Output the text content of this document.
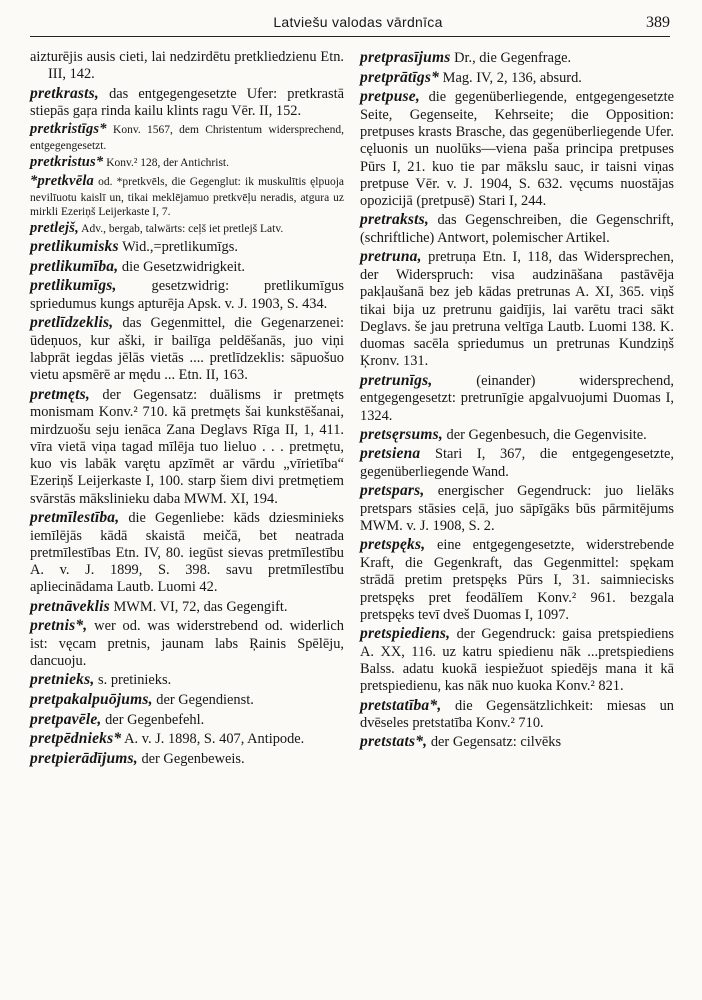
Latviešu valodas vārdnīca	389

aizturējis ausis cieti, lai nedzirdētu pretkliedzienu Etn. III, 142.

pretkrasts, das entgegengesetzte Ufer: pretkrastā stiepās gaŗa rinda kailu klints ragu Vēr. II, 152.

pretkristīgs* Konv. 1567, dem Christentum widersprechend, entgegengesetzt.

pretkristus* Konv.² 128, der Antichrist.

*pretkvēla od. *pretkvēls, die Gegenglut: ik muskulītis ęlpuoja nevilīuotu kaislī un, tikai meklējamuo pretkvēļu neradis, atgura uz mirkli Ezeriņš Leijerkaste I, 7.

pretlejš, Adv., bergab, talwärts: ceļš iet pretlejš Latv.

pretlikumisks Wid.,=pretlikumīgs.

pretlikumība, die Gesetzwidrigkeit.

pretlikumīgs, gesetzwidrig: pretlikumīgus spriedumus kungs apturēja Apsk. v. J. 1903, S. 434.

pretlīdzeklis, das Gegenmittel, die Gegenarzenei: ūdeņuos, kur aški, ir bailīga peldēšanās, juo viņi labprāt iegdas jēlās vietās .... pretlīdzeklis: sāpuošuo vietu apsmērē ar mędu ... Etn. II, 163.

pretmęts, der Gegensatz: duālisms ir pretmęts monismam Konv.² 710. kā pretmęts šai kunkstēšanai, mirdzuošu seju ienāca Zana Deglavs Rīga II, 1, 411. vīra vietā viņa tagad mīlēja tuo lieluo . . . pretmętu, kuo vis labāk varętu apzīmēt ar vārdu „vīrietība“ Ezeriņš Leijerkaste I, 100. starp šiem divi pretmętiem svārstās mākslinieku daba MWM. XI, 194.

pretmīlestība, die Gegenliebe: kāds dziesminieks iemīlējās kādā skaistā meičā, bet neatrada pretmīlestības Etn. IV, 80. iegūst sievas pretmīlestību A. v. J. 1899, S. 398. savu pretmīlestību apliecinādama Lautb. Luomi 42.

pretnāveklis MWM. VI, 72, das Gegengift.

pretnis*, wer od. was widerstrebend od. widerlich ist: vęcam pretnis, jaunam labs Ŗainis Spēlēju, dancuoju.

pretnieks, s. pretinieks.

pretpakalpuōjums, der Gegendienst.

pretpavēle, der Gegenbefehl.

pretpēdnieks* A. v. J. 1898, S. 407, Antipode.

pretpierādījums, der Gegenbeweis.

pretprasījums Dr., die Gegenfrage.

pretprātīgs* Mag. IV, 2, 136, absurd.

pretpuse, die gegenüberliegende, entgegengesetzte Seite, Gegenseite, Kehrseite; die Opposition: pretpuses krasts Brasche, das gegenüberliegende Ufer. cęluonis un nuolūks—viena paša principa pretpuses Pūrs I, 21. kuo tie par mākslu sauc, ir taisni viņas pretpuse Vēr. v. J. 1904, S. 632. vęcums nuostājas opozicijā (pretpusē) Stari I, 244.

pretraksts, das Gegenschreiben, die Gegenschrift, (schriftliche) Antwort, polemischer Artikel.

pretruna, pretruņa Etn. I, 118, das Widersprechen, der Widerspruch: visa audzināšana pastāvēja pakļaušanā bez jeb kādas pretrunas A. XI, 365. viņš tikai bija uz pretrunu gaidījis, lai varētu traci sākt Deglavs. še jau pretruna veltīga Lautb. Luomi 138. K. duomas sacēla spriedumus un pretrunas Kundziņš Ķronv. 131.

pretrunīgs,	(einander) widersprechend, entgegengesetzt: pretrunīgie apgalvuojumi Duomas I, 1324.

pretsęrsums, der Gegenbesuch, die Gegenvisite.

pretsiena Stari I, 367, die entgegengesetzte, gegenüberliegende Wand.

pretspars, energischer Gegendruck: juo lielāks pretspars stāsies ceļā, juo sāpīgāks būs pārmitējums MWM. v. J. 1908, S. 2.

pretspęks, eine entgegengesetzte, widerstrebende Kraft, die Gegenkraft, das Gegenmittel: spękam strādā pretim pretspęks Pūrs I, 31. saimniecisks pretspęks pret feodālīem Konv.² 961. bezgala pretspęks tevī dveš Duomas I, 1097.

pretspiediens, der Gegendruck: gaisa pretspiediens A. XX, 116. uz katru spiedienu nāk ...pretspiediens Balss. adatu kuokā iespiežuot spiedējs mana it kā pretspiedienu, kas nāk nuo kuoka Konv.² 821.

pretstatība*, die Gegensätzlichkeit: miesas un dvēseles pretstatība Konv.² 710.

pretstats*, der Gegensatz: cilvēks
